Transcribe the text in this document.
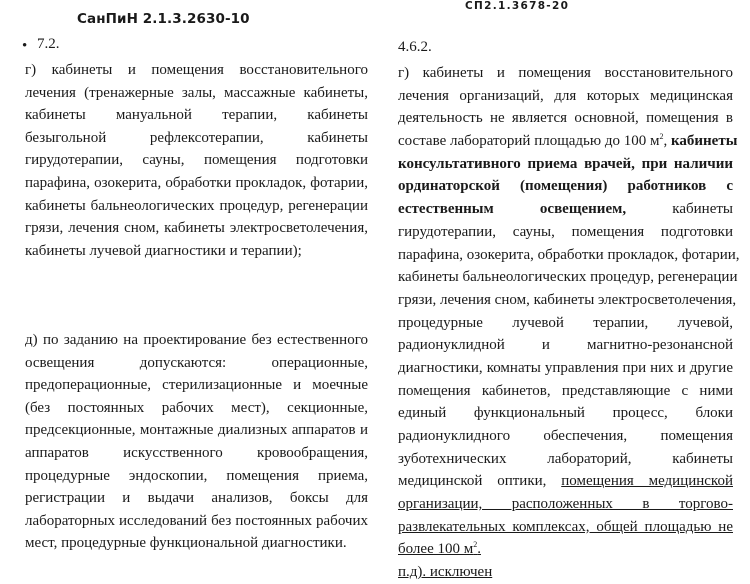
СанПиН 2.1.3.2630-10
СП2.1.3678-20
• 7.2.	4.6.2.
г) кабинеты и помещения восстановительного
лечения (тренажерные залы, массажные кабинеты,
кабинеты мануальной терапии, кабинеты
безыгольной рефлексотерапии, кабинеты
гирудотерапии, сауны, помещения подготовки
парафина, озокерита, обработки прокладок, фотарии,
кабинеты бальнеологических процедур, регенерации
грязи, лечения сном, кабинеты электросветолечения,
кабинеты лучевой диагностики и терапии);
д) по заданию на проектирование без естественного
освещения допускаются: операционные,
предоперационные, стерилизационные и моечные
(без постоянных рабочих мест), секционные,
предсекционные, монтажные диализных аппаратов и
аппаратов искусственного кровообращения,
процедурные эндоскопии, помещения приема,
регистрации и выдачи анализов, боксы для
лабораторных исследований без постоянных рабочих
мест, процедурные функциональной диагностики.
г) кабинеты и помещения восстановительного
лечения организаций, для которых медицинская
деятельность не является основной, помещения в
составе лабораторий площадью до 100 $м^2$, кабинеты
консультативного приема врачей, при наличии
ординаторской (помещения) работников с
естественным освещением, кабинеты
гирудотерапии, сауны, помещения подготовки
парафина, озокерита, обработки прокладок, фотарии,
кабинеты бальнеологических процедур, регенерации
грязи, лечения сном, кабинеты электросветолечения,
процедурные лучевой терапии, лучевой,
радионуклидной и магнитно-резонансной
диагностики, комнаты управления при них и другие
помещения кабинетов, представляющие с ними
единый функциональный процесс, блоки
радионуклидного обеспечения, помещения
зуботехнических лабораторий, кабинеты
медицинской оптики, помещения медицинской
организации, расположенных в торгово-
развлекательных комплексах, общей площадью не
более 100 $м^2$.
п.д). исключен
